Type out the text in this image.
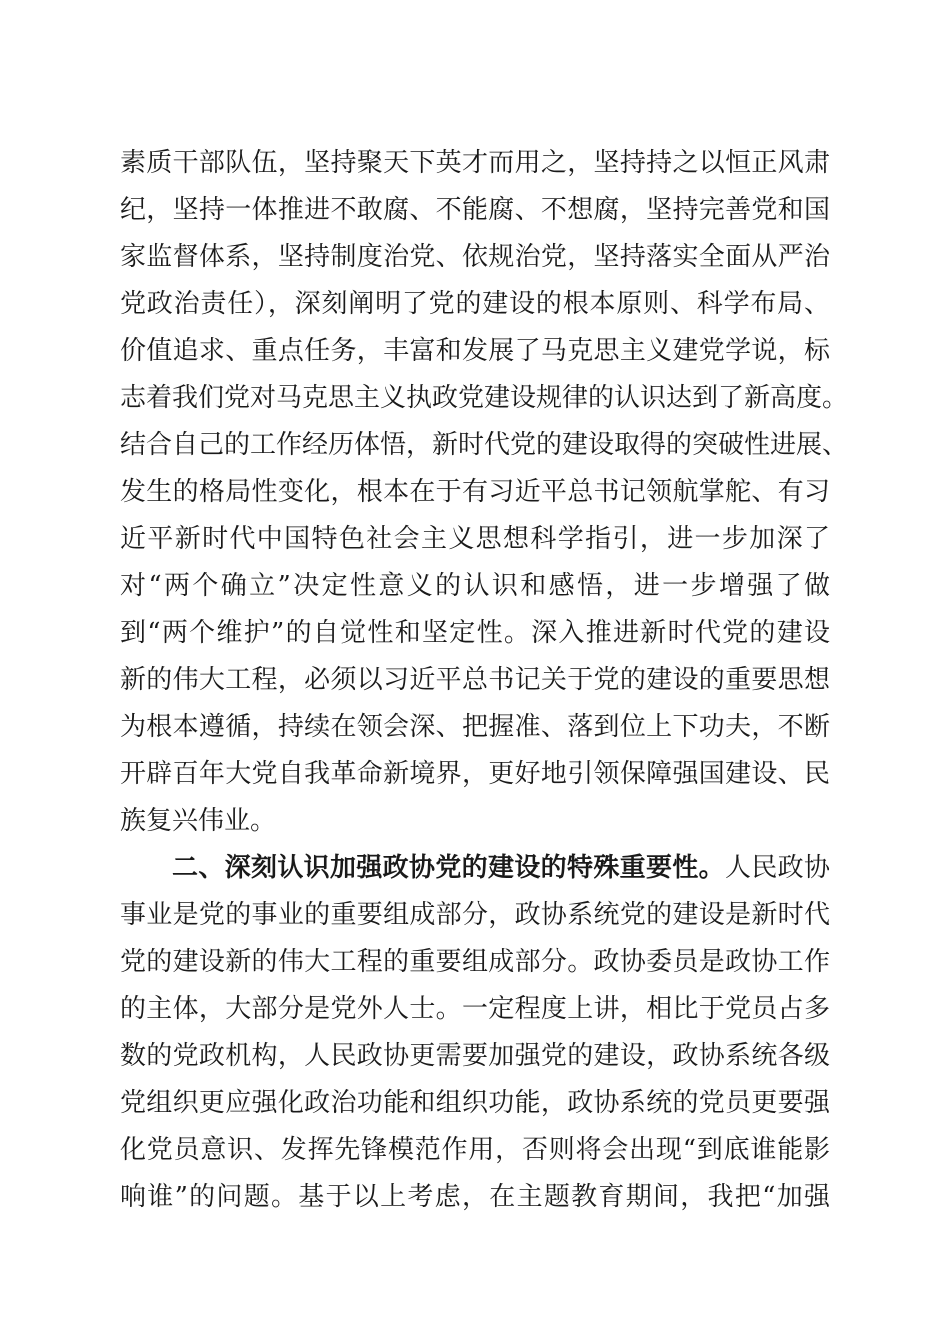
素质干部队伍，坚持聚天下英才而用之，坚持持之以恒正风肃
纪，坚持一体推进不敢腐、不能腐、不想腐，坚持完善党和国
家监督体系，坚持制度治党、依规治党，坚持落实全面从严治
党政治责任），深刻阐明了党的建设的根本原则、科学布局、
价值追求、重点任务，丰富和发展了马克思主义建党学说，标
志着我们党对马克思主义执政党建设规律的认识达到了新高度。
结合自己的工作经历体悟，新时代党的建设取得的突破性进展、
发生的格局性变化，根本在于有习近平总书记领航掌舵、有习
近平新时代中国特色社会主义思想科学指引，进一步加深了
对“两个确立”决定性意义的认识和感悟，进一步增强了做
到“两个维护”的自觉性和坚定性。深入推进新时代党的建设
新的伟大工程，必须以习近平总书记关于党的建设的重要思想
为根本遵循，持续在领会深、把握准、落到位上下功夫，不断
开辟百年大党自我革命新境界，更好地引领保障强国建设、民
族复兴伟业。
二、深刻认识加强政协党的建设的特殊重要性。人民政协
事业是党的事业的重要组成部分，政协系统党的建设是新时代
党的建设新的伟大工程的重要组成部分。政协委员是政协工作
的主体，大部分是党外人士。一定程度上讲，相比于党员占多
数的党政机构，人民政协更需要加强党的建设，政协系统各级
党组织更应强化政治功能和组织功能，政协系统的党员更要强
化党员意识、发挥先锋模范作用，否则将会出现“到底谁能影
响谁”的问题。基于以上考虑，在主题教育期间，我把“加强
